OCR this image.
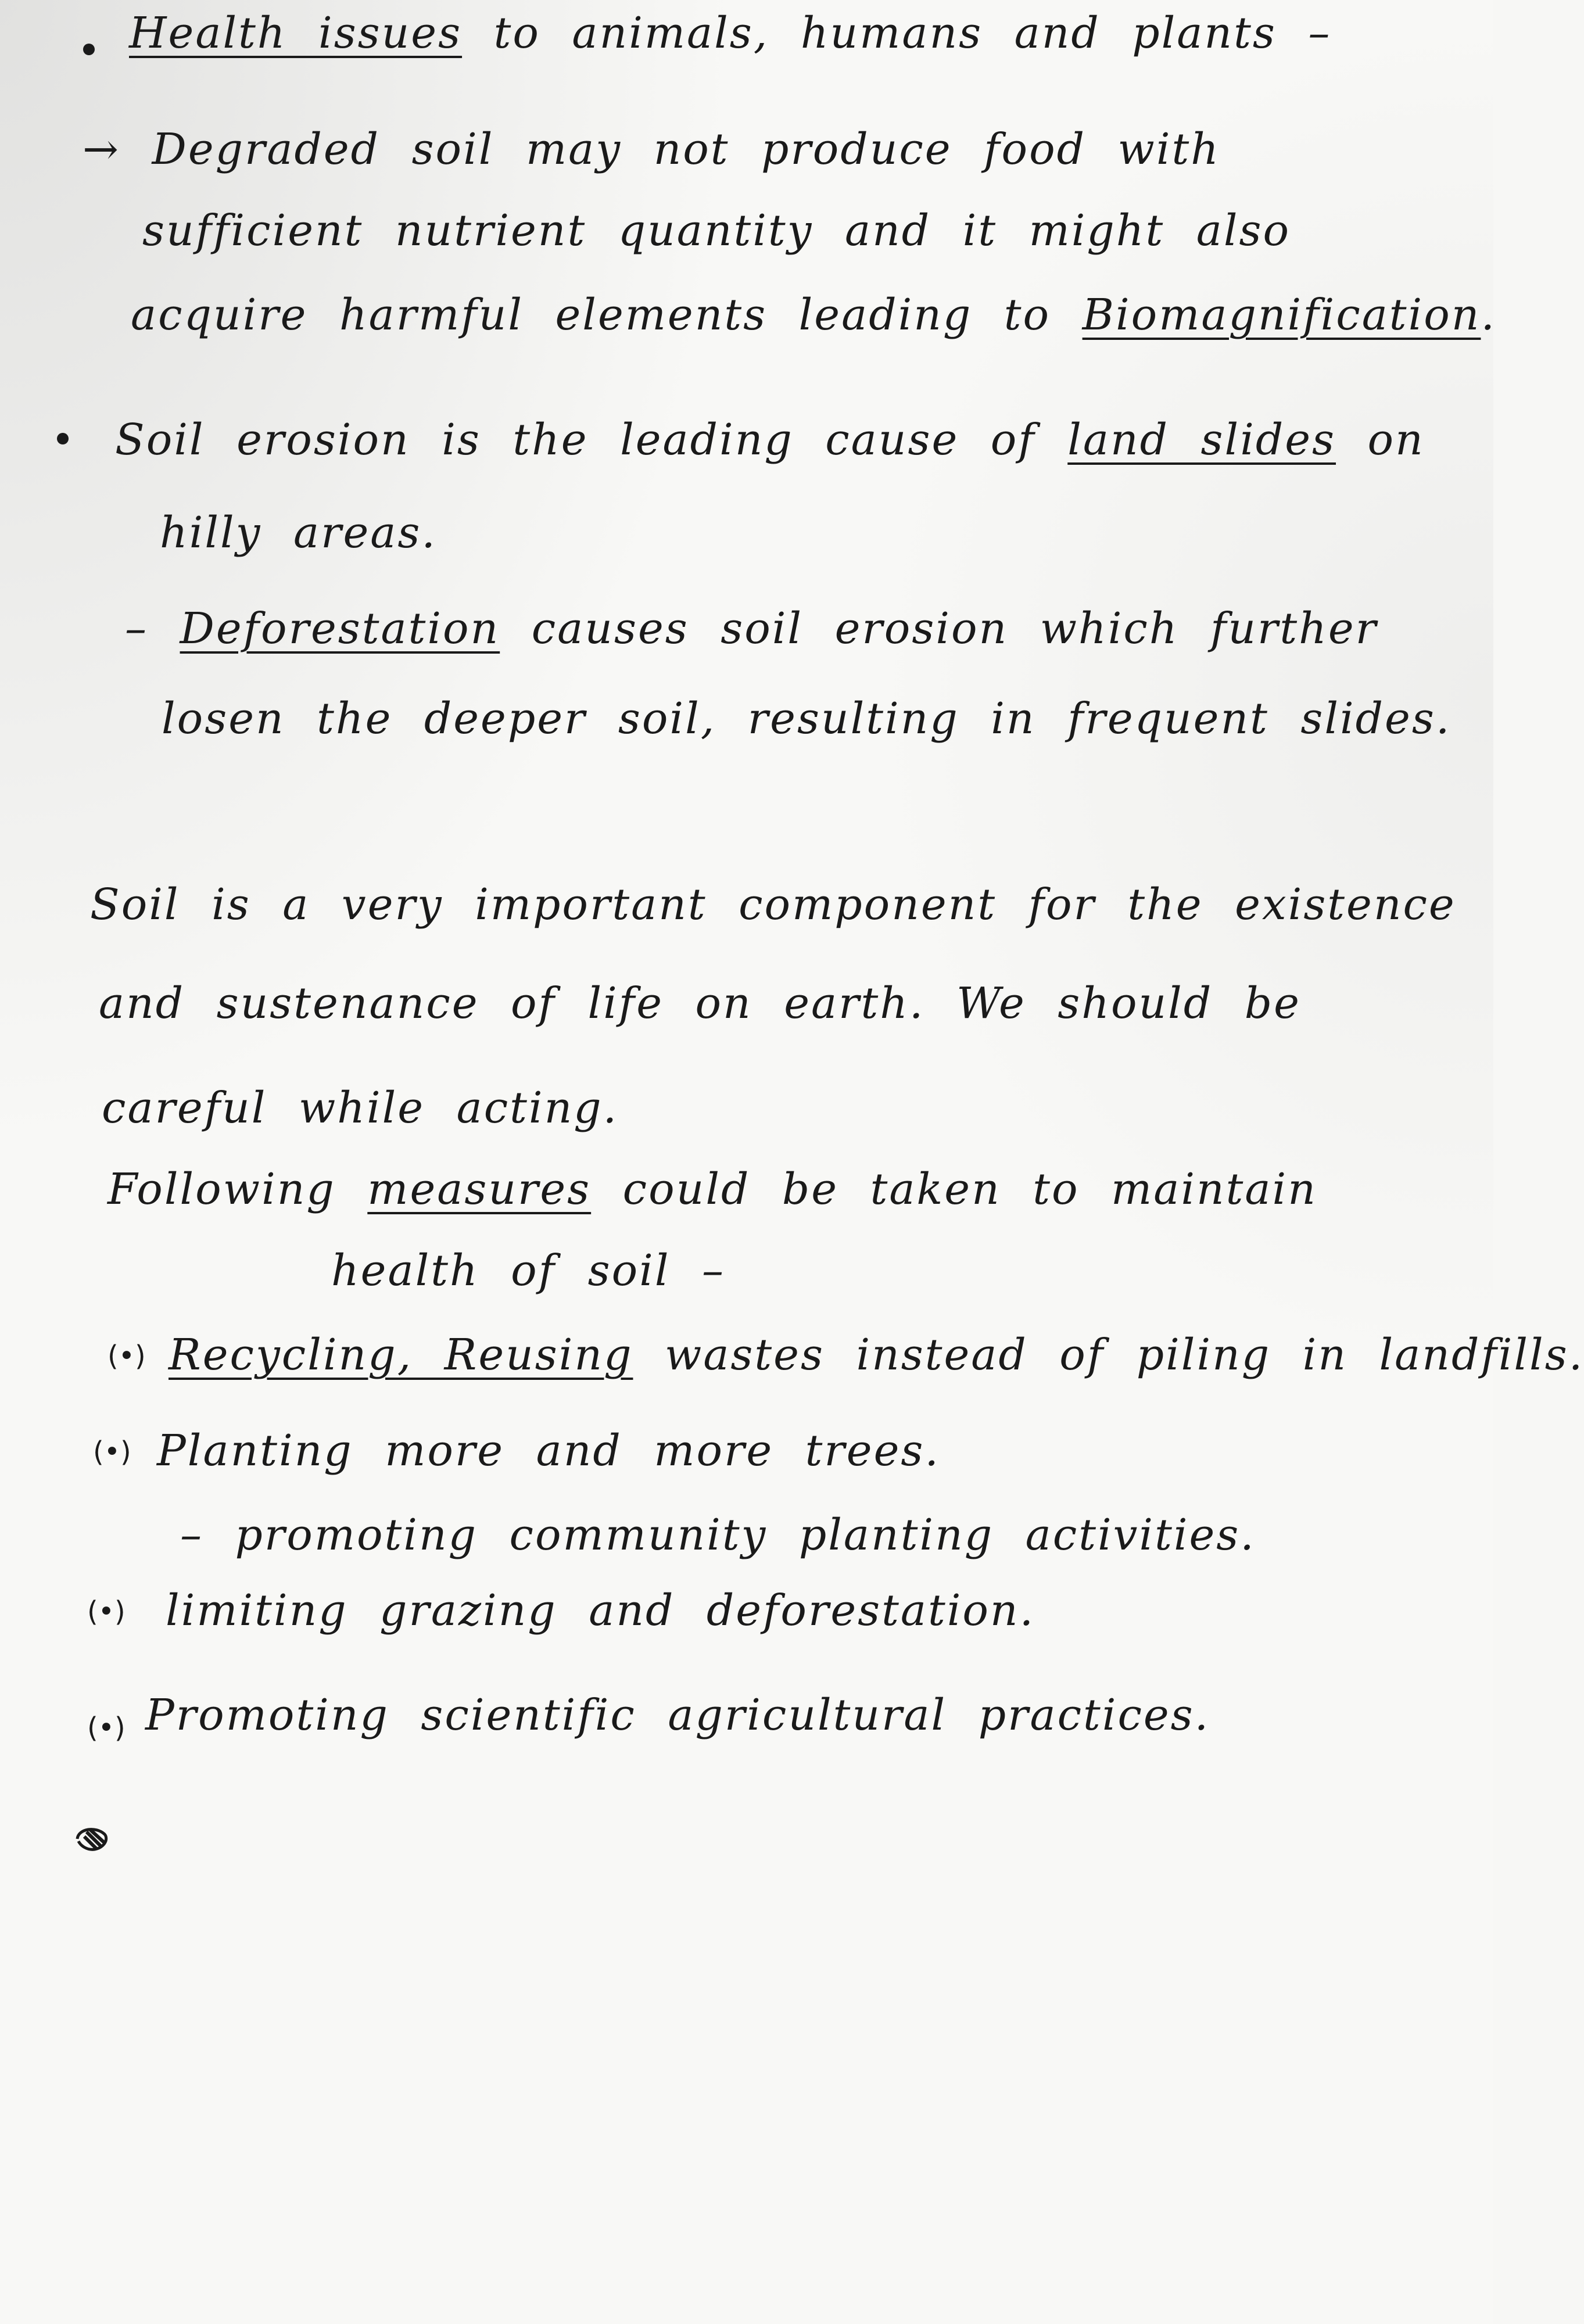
Health issues to animals, humans and plants –
→ Degraded soil may not produce food with
sufficient nutrient quantity and it might also
acquire harmful elements leading to Biomagnification.
Soil erosion is the leading cause of land slides on
hilly areas.
– Deforestation causes soil erosion which further
losen the deeper soil, resulting in frequent slides.
Soil is a very important component for the existence
and sustenance of life on earth. We should be
careful while acting.
Following measures could be taken to maintain
health of soil –
(•) Recycling, Reusing wastes instead of piling in landfills.
(•) Planting more and more trees.
– promoting community planting activities.
(•) limiting grazing and deforestation.
(•) Promoting scientific agricultural practices.
